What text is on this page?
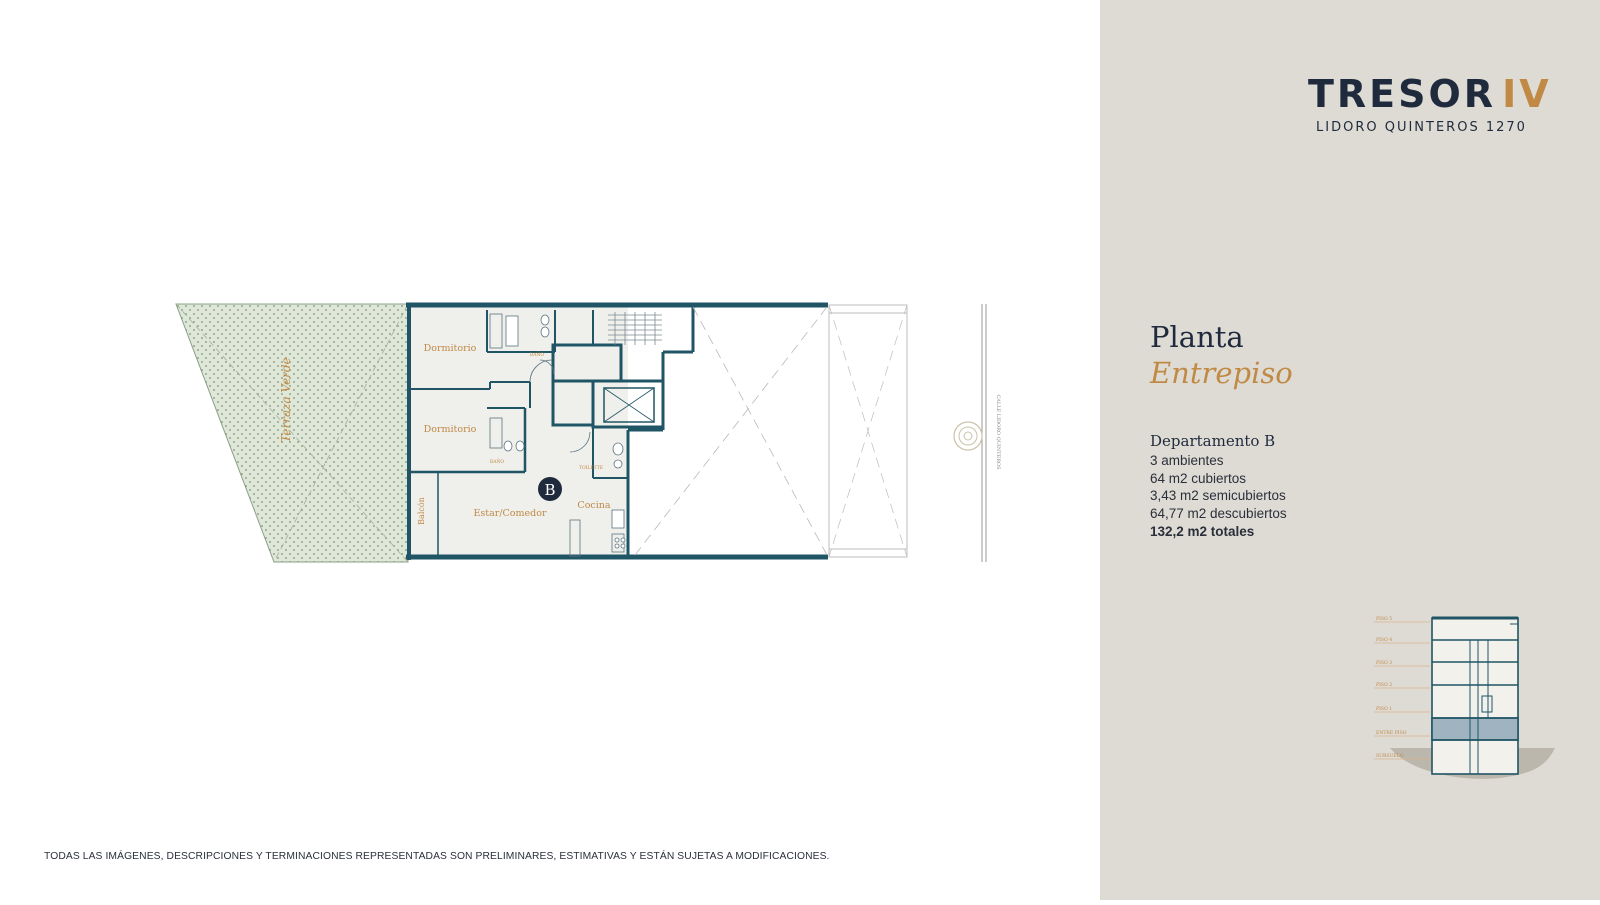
Terraza Verde	CALLE LIDORO QUINTEROS
Dormitorio
Dormitorio
Estar/Comedor
Cocina
Balcón
BAÑO
BAÑO
TOILETTE
B
TODAS LAS IMÁGENES, DESCRIPCIONES Y TERMINACIONES REPRESENTADAS SON PRELIMINARES, ESTIMATIVAS Y ESTÁN SUJETAS A MODIFICACIONES.
TRESOR IV
LIDORO QUINTEROS 1270
Planta
Entrepiso
Departamento B
3 ambientes
64 m2 cubiertos
3,43 m2 semicubiertos
64,77 m2 descubiertos
132,2 m2 totales
PISO 5
PISO 4
PISO 3
PISO 2
PISO 1
ENTRE PISO
SUBSUELO
